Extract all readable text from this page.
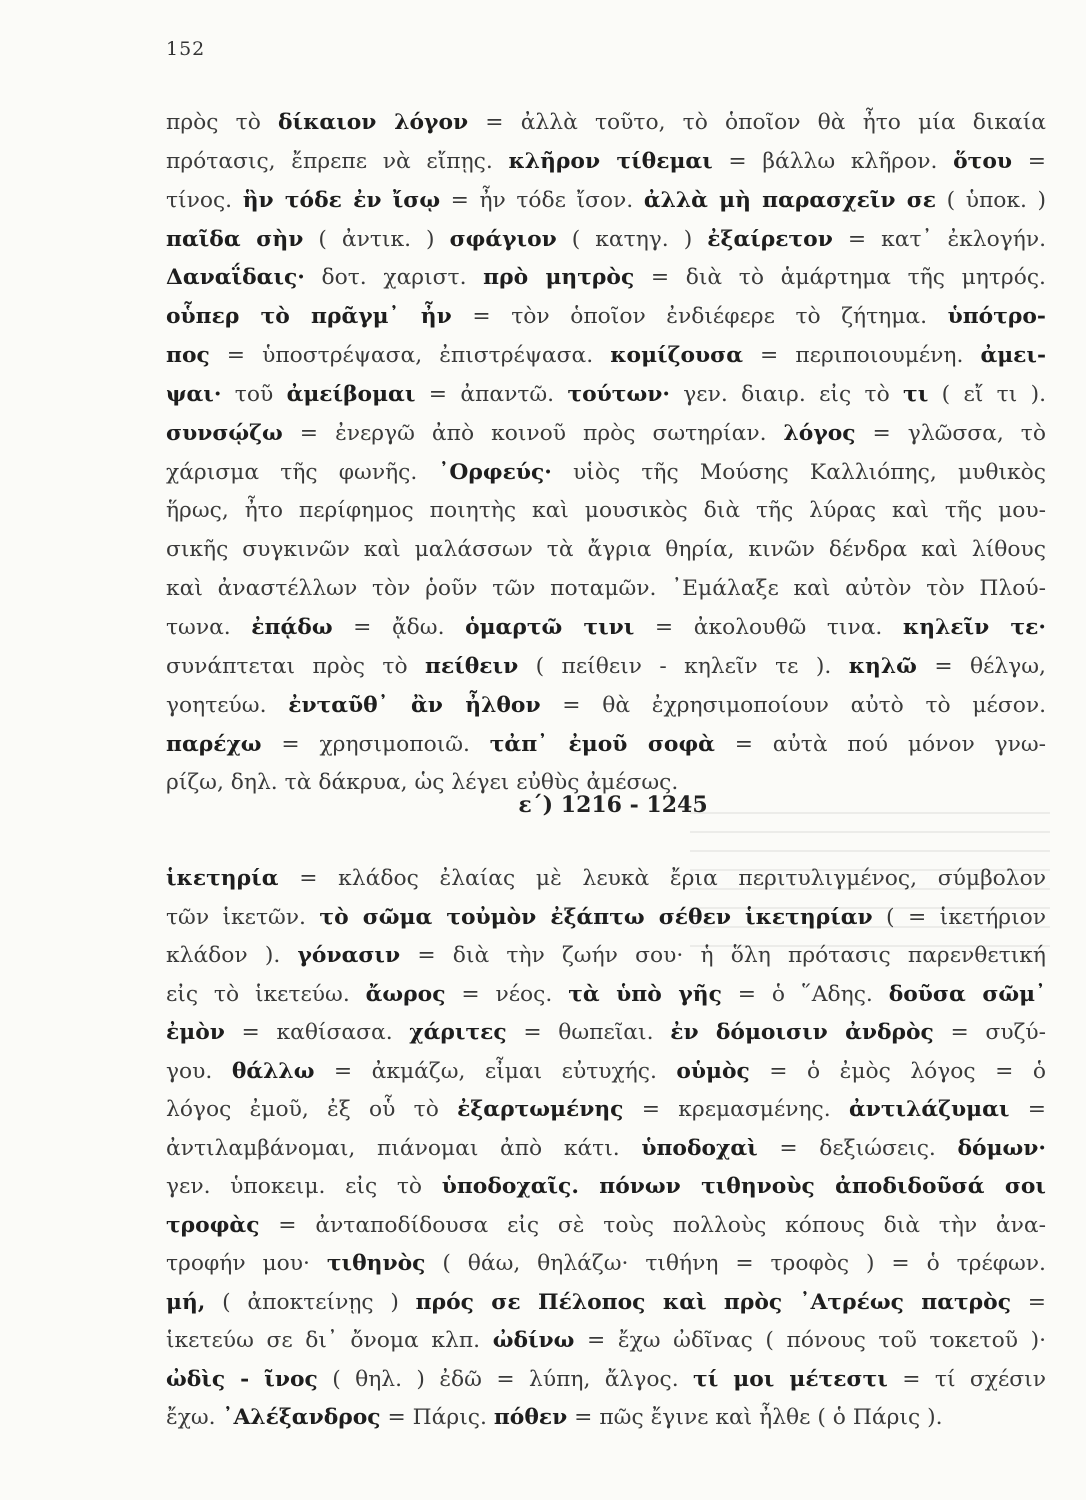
152
πρὸς τὸ δίκαιον λόγον = ἀλλὰ τοῦτο, τὸ ὁποῖον θὰ ἦτο μία δικαία
πρότασις, ἔπρεπε νὰ εἴπῃς. κλῆρον τίθεμαι = βάλλω κλῆρον. ὅτου =
τίνος. ἣν τόδε ἐν ἴσῳ = ἦν τόδε ἴσον. ἀλλὰ μὴ παρασχεῖν σε ( ὑποκ. )
παῖδα σὴν ( ἀντικ. ) σφάγιον ( κατηγ. ) ἐξαίρετον = κατ᾽ ἐκλογήν.
Δαναΐδαις· δοτ. χαριστ. πρὸ μητρὸς = διὰ τὸ ἁμάρτημα τῆς μητρός.
οὗπερ τὸ πρᾶγμ᾽ ἦν = τὸν ὁποῖον ἐνδιέφερε τὸ ζήτημα. ὑπότρο-
πος = ὑποστρέψασα, ἐπιστρέψασα. κομίζουσα = περιποιουμένη. ἀμει-
ψαι· τοῦ ἀμείβομαι = ἀπαντῶ. τούτων· γεν. διαιρ. εἰς τὸ τι ( εἴ τι ).
συνσῴζω = ἐνεργῶ ἀπὸ κοινοῦ πρὸς σωτηρίαν. λόγος = γλῶσσα, τὸ
χάρισμα τῆς φωνῆς. ᾽Ορφεύς· υἱὸς τῆς Μούσης Καλλιόπης, μυθικὸς
ἥρως, ἦτο περίφημος ποιητὴς καὶ μουσικὸς διὰ τῆς λύρας καὶ τῆς μου-
σικῆς συγκινῶν καὶ μαλάσσων τὰ ἄγρια θηρία, κινῶν δένδρα καὶ λίθους
καὶ ἀναστέλλων τὸν ῥοῦν τῶν ποταμῶν. ᾽Εμάλαξε καὶ αὐτὸν τὸν Πλού-
τωνα. ἐπᾴδω = ᾄδω. ὁμαρτῶ τινι = ἀκολουθῶ τινα. κηλεῖν τε·
συνάπτεται πρὸς τὸ πείθειν ( πείθειν - κηλεῖν τε ). κηλῶ = θέλγω,
γοητεύω. ἐνταῦθ᾽ ἂν ἦλθον = θὰ ἐχρησιμοποίουν αὐτὸ τὸ μέσον.
παρέχω = χρησιμοποιῶ. τἀπ᾽ ἐμοῦ σοφὰ = αὐτὰ πού μόνον γνω-
ρίζω, δηλ. τὰ δάκρυα, ὡς λέγει εὐθὺς ἀμέσως.
ε΄) 1216 - 1245
ἱκετηρία = κλάδος ἐλαίας μὲ λευκὰ ἔρια περιτυλιγμένος, σύμβολον
τῶν ἱκετῶν. τὸ σῶμα τοὐμὸν ἐξάπτω σέθεν ἱκετηρίαν ( = ἱκετήριον
κλάδον ). γόνασιν = διὰ τὴν ζωήν σου· ἡ ὅλη πρότασις παρενθετική
εἰς τὸ ἱκετεύω. ἄωρος = νέος. τὰ ὑπὸ γῆς = ὁ ῞Αδης. δοῦσα σῶμ᾽
ἐμὸν = καθίσασα. χάριτες = θωπεῖαι. ἐν δόμοισιν ἀνδρὸς = συζύ-
γου. θάλλω = ἀκμάζω, εἶμαι εὐτυχής. οὑμὸς = ὁ ἐμὸς λόγος = ὁ
λόγος ἐμοῦ, ἐξ οὗ τὸ ἐξαρτωμένης = κρεμασμένης. ἀντιλάζυμαι =
ἀντιλαμβάνομαι, πιάνομαι ἀπὸ κάτι. ὑποδοχαὶ = δεξιώσεις. δόμων·
γεν. ὑποκειμ. εἰς τὸ ὑποδοχαῖς. πόνων τιθηνοὺς ἀποδιδοῦσά σοι
τροφὰς = ἀνταποδίδουσα εἰς σὲ τοὺς πολλοὺς κόπους διὰ τὴν ἀνα-
τροφήν μου· τιθηνὸς ( θάω, θηλάζω· τιθήνη = τροφὸς ) = ὁ τρέφων.
μή, ( ἀποκτείνῃς ) πρός σε Πέλοπος καὶ πρὸς ᾽Ατρέως πατρὸς =
ἱκετεύω σε δι᾽ ὄνομα κλπ. ὠδίνω = ἔχω ὠδῖνας ( πόνους τοῦ τοκετοῦ )·
ὠδὶς - ῖνος ( θηλ. ) ἐδῶ = λύπη, ἄλγος. τί μοι μέτεστι = τί σχέσιν
ἔχω. ᾽Αλέξανδρος = Πάρις. πόθεν = πῶς ἔγινε καὶ ἦλθε ( ὁ Πάρις ).
